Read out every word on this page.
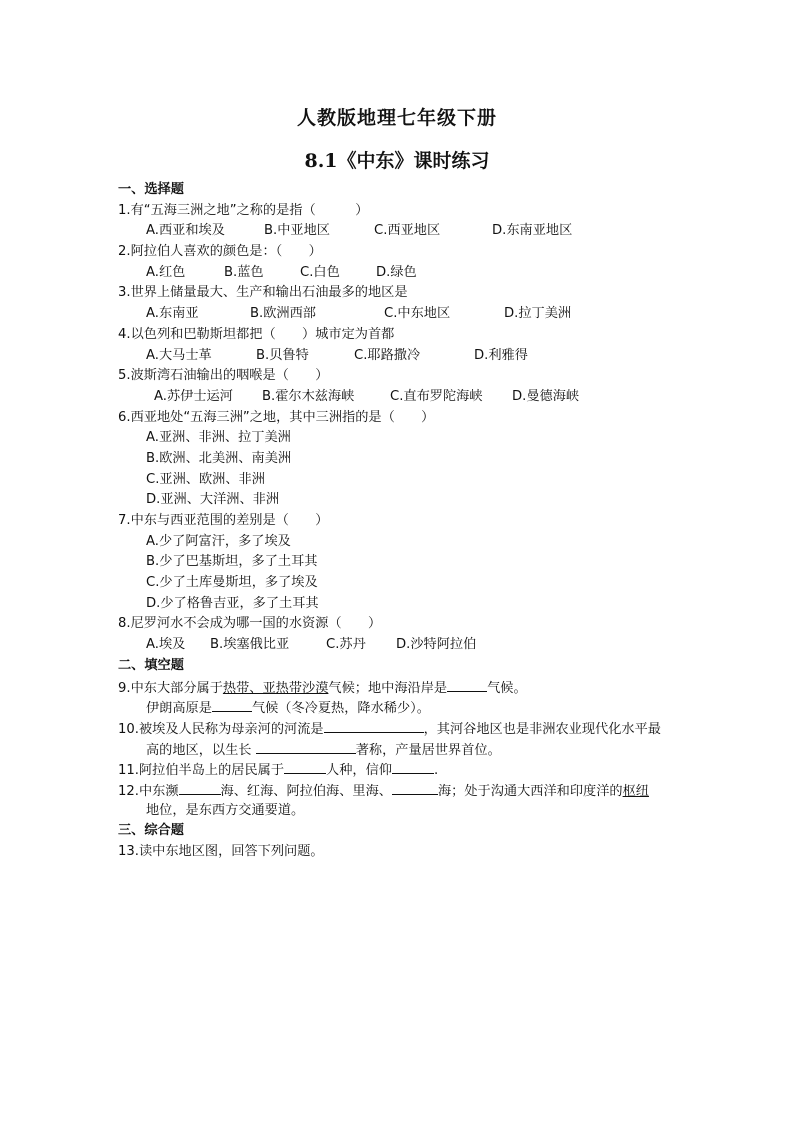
人教版地理七年级下册
8.1《中东》课时练习
一、选择题
1.有“五海三洲之地”之称的是指（　　　）
A.西亚和埃及	B.中亚地区	C.西亚地区	D.东南亚地区
2.阿拉伯人喜欢的颜色是：（　　）
A.红色	B.蓝色	C.白色	D.绿色
3.世界上储量最大、生产和输出石油最多的地区是
A.东南亚	B.欧洲西部	C.中东地区	D.拉丁美洲
4.以色列和巴勒斯坦都把（　　）城市定为首都
A.大马士革	B.贝鲁特	C.耶路撒冷	D.利雅得
5.波斯湾石油输出的咽喉是（　　）
A.苏伊士运河	B.霍尔木兹海峡	C.直布罗陀海峡	D.曼德海峡
6.西亚地处“五海三洲”之地，其中三洲指的是（　　）
A.亚洲、非洲、拉丁美洲
B.欧洲、北美洲、南美洲
C.亚洲、欧洲、非洲
D.亚洲、大洋洲、非洲
7.中东与西亚范围的差别是（　　）
A.少了阿富汗，多了埃及
B.少了巴基斯坦，多了土耳其
C.少了土库曼斯坦，多了埃及
D.少了格鲁吉亚，多了土耳其
8.尼罗河水不会成为哪一国的水资源（　　）
A.埃及	B.埃塞俄比亚	C.苏丹	D.沙特阿拉伯
二、填空题
9.中东大部分属于热带、亚热带沙漠气候；地中海沿岸是	气候。
伊朗高原是	气候（冬冷夏热，降水稀少）。
10.被埃及人民称为母亲河的河流是	，其河谷地区也是非洲农业现代化水平最
高的地区，以生长	著称，产量居世界首位。
11.阿拉伯半岛上的居民属于	人种，信仰	.
12.中东濒	海、红海、阿拉伯海、里海、	海；处于沟通大西洋和印度洋的枢纽
地位，是东西方交通要道。
三、综合题
13.读中东地区图，回答下列问题。
